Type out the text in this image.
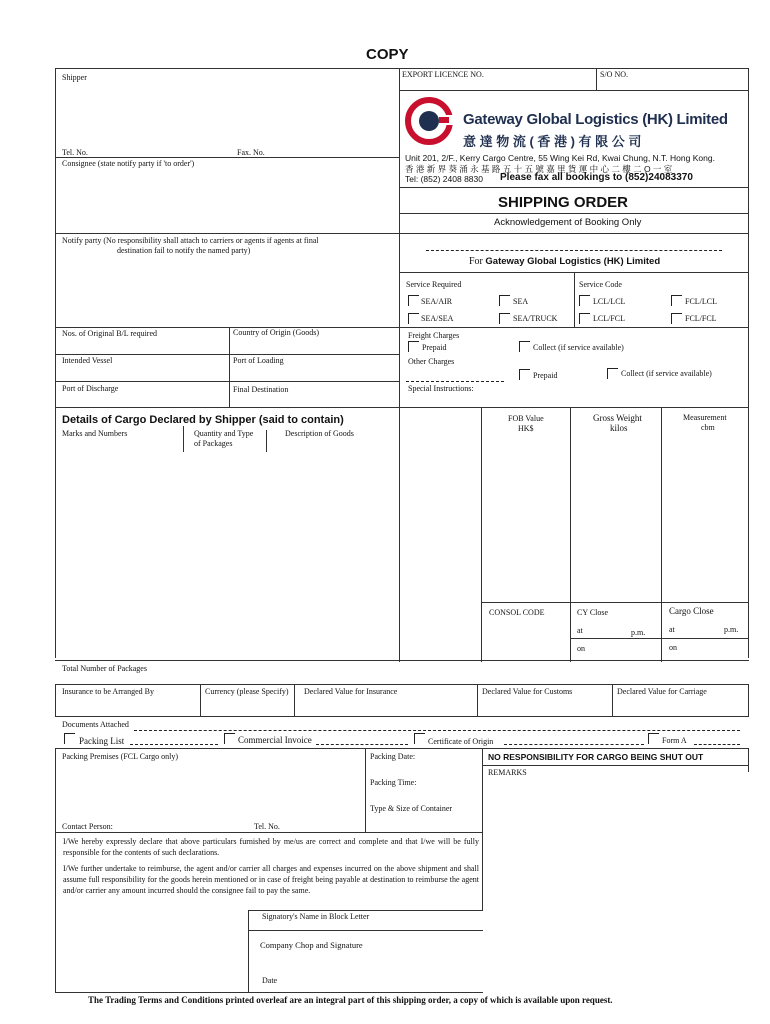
COPY
Shipper
Tel. No.	Fax. No.
Consignee (state notify party if 'to order')
EXPORT LICENCE NO.	S/O NO.
Gateway Global Logistics (HK) Limited
意 達 物 流 ( 香 港 ) 有 限 公 司
Unit 201, 2/F., Kerry Cargo Centre, 55 Wing Kei Rd, Kwai Chung, N.T. Hong Kong.
香 港 新 界 葵 涌 永 基 路 五 十 五 號 嘉 里 貨 運 中 心 二 樓 二 O 一 室
Tel: (852) 2408 8830 Please fax all bookings to (852)24083370
SHIPPING ORDER
Acknowledgement of Booking Only
Notify party (No responsibility shall attach to carriers or agents if agents at final
destination fail to notify the named party)
For Gateway Global Logistics (HK) Limited
Service Required	Service Code
SEA/AIR	SEA	LCL/LCL	FCL/LCL
SEA/SEA	SEA/TRUCK	LCL/FCL	FCL/FCL
Nos. of Original B/L required	Country of Origin (Goods)
Intended Vessel	Port of Loading
Port of Discharge	Final Destination
Freight Charges
Prepaid	Collect (if service available)
Other Charges
Prepaid	Collect (if service available)
Special Instructions:
Details of Cargo Declared by Shipper (said to contain)
Marks and Numbers	Quantity and Type
of Packages
Description of Goods
FOB Value
HK$
Gross Weight
kilos
Measurement
cbm
CONSOL CODE	CY Close	Cargo Close
at	p.m.	at	p.m.
on	on
Total Number of Packages
Insurance to be Arranged By	Currency (please Specify) Declared Value for Insurance	Declared Value for Customs	Declared Value for Carriage
Documents Attached
Packing List	Commercial Invoice	Certificate of Origin	Form A
Packing Premises (FCL Cargo only)	Packing Date:	NO RESPONSIBILITY FOR CARGO BEING SHUT OUT
REMARKS
Packing Time:
Type & Size of Container
Contact Person:	Tel. No.
I/We hereby expressly declare that above particulars furnished by me/us are correct and complete and that I/we will be fully responsible for the contents of such declarations.
I/We further undertake to reimburse, the agent and/or carrier all charges and expenses incurred on the above shipment and shall assume full responsibility for the goods herein mentioned or in case of freight being payable at destination to reimburse the agent and/or carrier any amount incurred should the consignee fail to pay the same.
Signatory's Name in Block Letter
Company Chop and Signature
Date
The Trading Terms and Conditions printed overleaf are an integral part of this shipping order, a copy of which is available upon request.
